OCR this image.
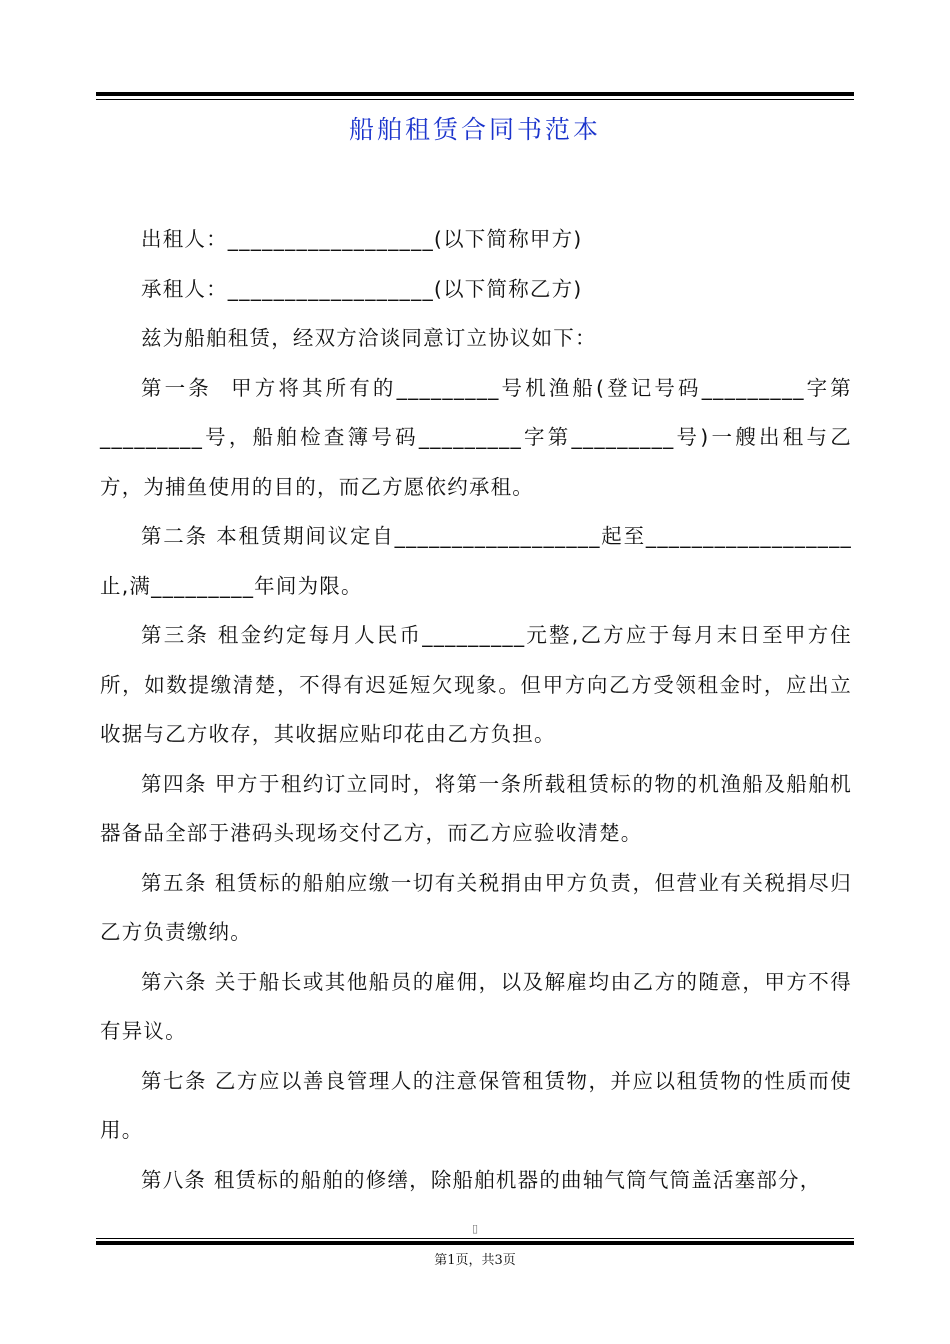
船舶租赁合同书范本

出租人：__________________(以下简称甲方)

承租人：__________________(以下简称乙方)

兹为船舶租赁，经双方洽谈同意订立协议如下：

第一条  甲方将其所有的_________号机渔船(登记号码_________字第_________号，船舶检查簿号码_________字第_________号)一艘出租与乙方，为捕鱼使用的目的，而乙方愿依约承租。

第二条 本租赁期间议定自__________________起至__________________止,满_________年间为限。

第三条 租金约定每月人民币_________元整,乙方应于每月末日至甲方住所，如数提缴清楚，不得有迟延短欠现象。但甲方向乙方受领租金时，应出立收据与乙方收存，其收据应贴印花由乙方负担。

第四条 甲方于租约订立同时，将第一条所载租赁标的物的机渔船及船舶机器备品全部于港码头现场交付乙方，而乙方应验收清楚。

第五条 租赁标的船舶应缴一切有关税捐由甲方负责，但营业有关税捐尽归乙方负责缴纳。

第六条 关于船长或其他船员的雇佣，以及解雇均由乙方的随意，甲方不得有异议。

第七条 乙方应以善良管理人的注意保管租赁物，并应以租赁物的性质而使用。

第八条 租赁标的船舶的修缮，除船舶机器的曲轴气筒气筒盖活塞部分，

▯
第1页，共3页
